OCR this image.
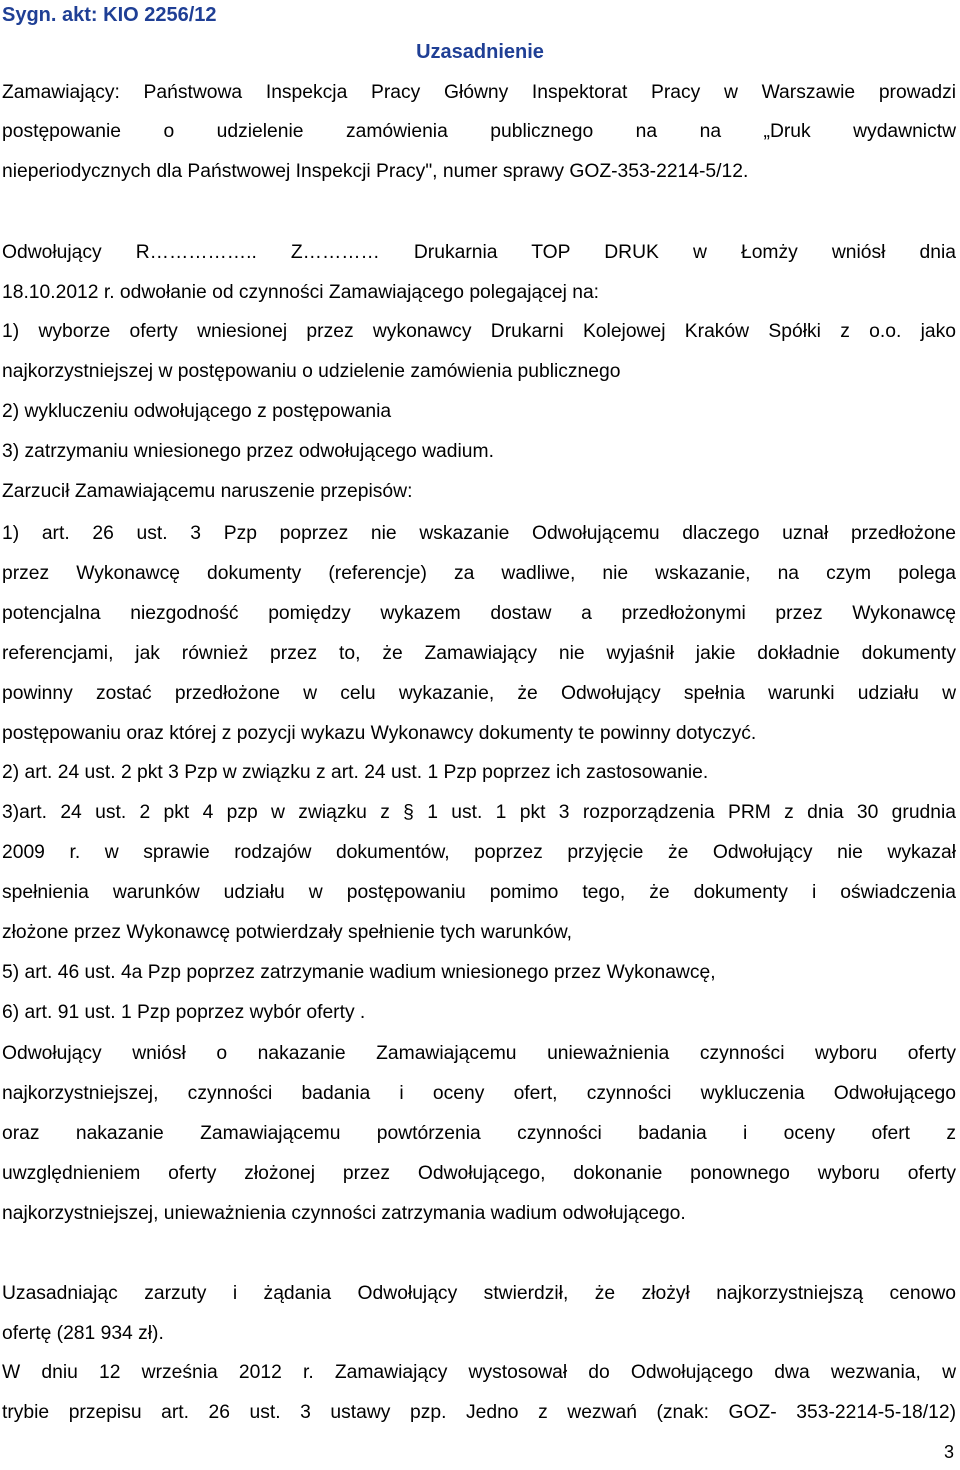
Sygn. akt: KIO 2256/12

Uzasadnienie

Zamawiający: Państwowa Inspekcja Pracy Główny Inspektorat Pracy w Warszawie prowadzi

postępowanie o udzielenie zamówienia publicznego na na „Druk wydawnictw

nieperiodycznych dla Państwowej Inspekcji Pracy", numer sprawy GOZ-353-2214-5/12.

Odwołujący R…………….. Z………… Drukarnia TOP DRUK w Łomży wniósł dnia

18.10.2012 r. odwołanie od czynności Zamawiającego polegającej na:

1) wyborze oferty wniesionej przez wykonawcy Drukarni Kolejowej Kraków Spółki z o.o. jako

najkorzystniejszej w postępowaniu o udzielenie zamówienia publicznego

2) wykluczeniu odwołującego z postępowania

3) zatrzymaniu wniesionego przez odwołującego wadium.

Zarzucił Zamawiającemu naruszenie przepisów:

1) art. 26 ust. 3 Pzp poprzez nie wskazanie Odwołującemu dlaczego uznał przedłożone

przez Wykonawcę dokumenty (referencje) za wadliwe, nie wskazanie, na czym polega

potencjalna niezgodność pomiędzy wykazem dostaw a przedłożonymi przez Wykonawcę

referencjami, jak również przez to, że Zamawiający nie wyjaśnił jakie dokładnie dokumenty

powinny zostać przedłożone w celu wykazanie, że Odwołujący spełnia warunki udziału w

postępowaniu oraz której z pozycji wykazu Wykonawcy dokumenty te powinny dotyczyć.

2) art. 24 ust. 2 pkt 3 Pzp w związku z art. 24 ust. 1 Pzp poprzez ich zastosowanie.

3)art. 24 ust. 2 pkt 4 pzp w związku z § 1 ust. 1 pkt 3 rozporządzenia PRM z dnia 30 grudnia

2009 r. w sprawie rodzajów dokumentów, poprzez przyjęcie że Odwołujący nie wykazał

spełnienia warunków udziału w postępowaniu pomimo tego, że dokumenty i oświadczenia

złożone przez Wykonawcę potwierdzały spełnienie tych warunków,

5) art. 46 ust. 4a Pzp poprzez zatrzymanie wadium wniesionego przez Wykonawcę,

6) art. 91 ust. 1 Pzp poprzez wybór oferty .

Odwołujący wniósł o nakazanie Zamawiającemu unieważnienia czynności wyboru oferty

najkorzystniejszej, czynności badania i oceny ofert, czynności wykluczenia Odwołującego

oraz nakazanie Zamawiającemu powtórzenia czynności badania i oceny ofert z

uwzględnieniem oferty złożonej przez Odwołującego, dokonanie ponownego wyboru oferty

najkorzystniejszej, unieważnienia czynności zatrzymania wadium odwołującego.

Uzasadniając zarzuty i żądania Odwołujący stwierdził, że złożył najkorzystniejszą cenowo

ofertę (281 934 zł).

W dniu 12 września 2012 r. Zamawiający wystosował do Odwołującego dwa wezwania, w

trybie przepisu art. 26 ust. 3 ustawy pzp. Jedno z wezwań (znak: GOZ- 353-2214-5-18/12)

3
